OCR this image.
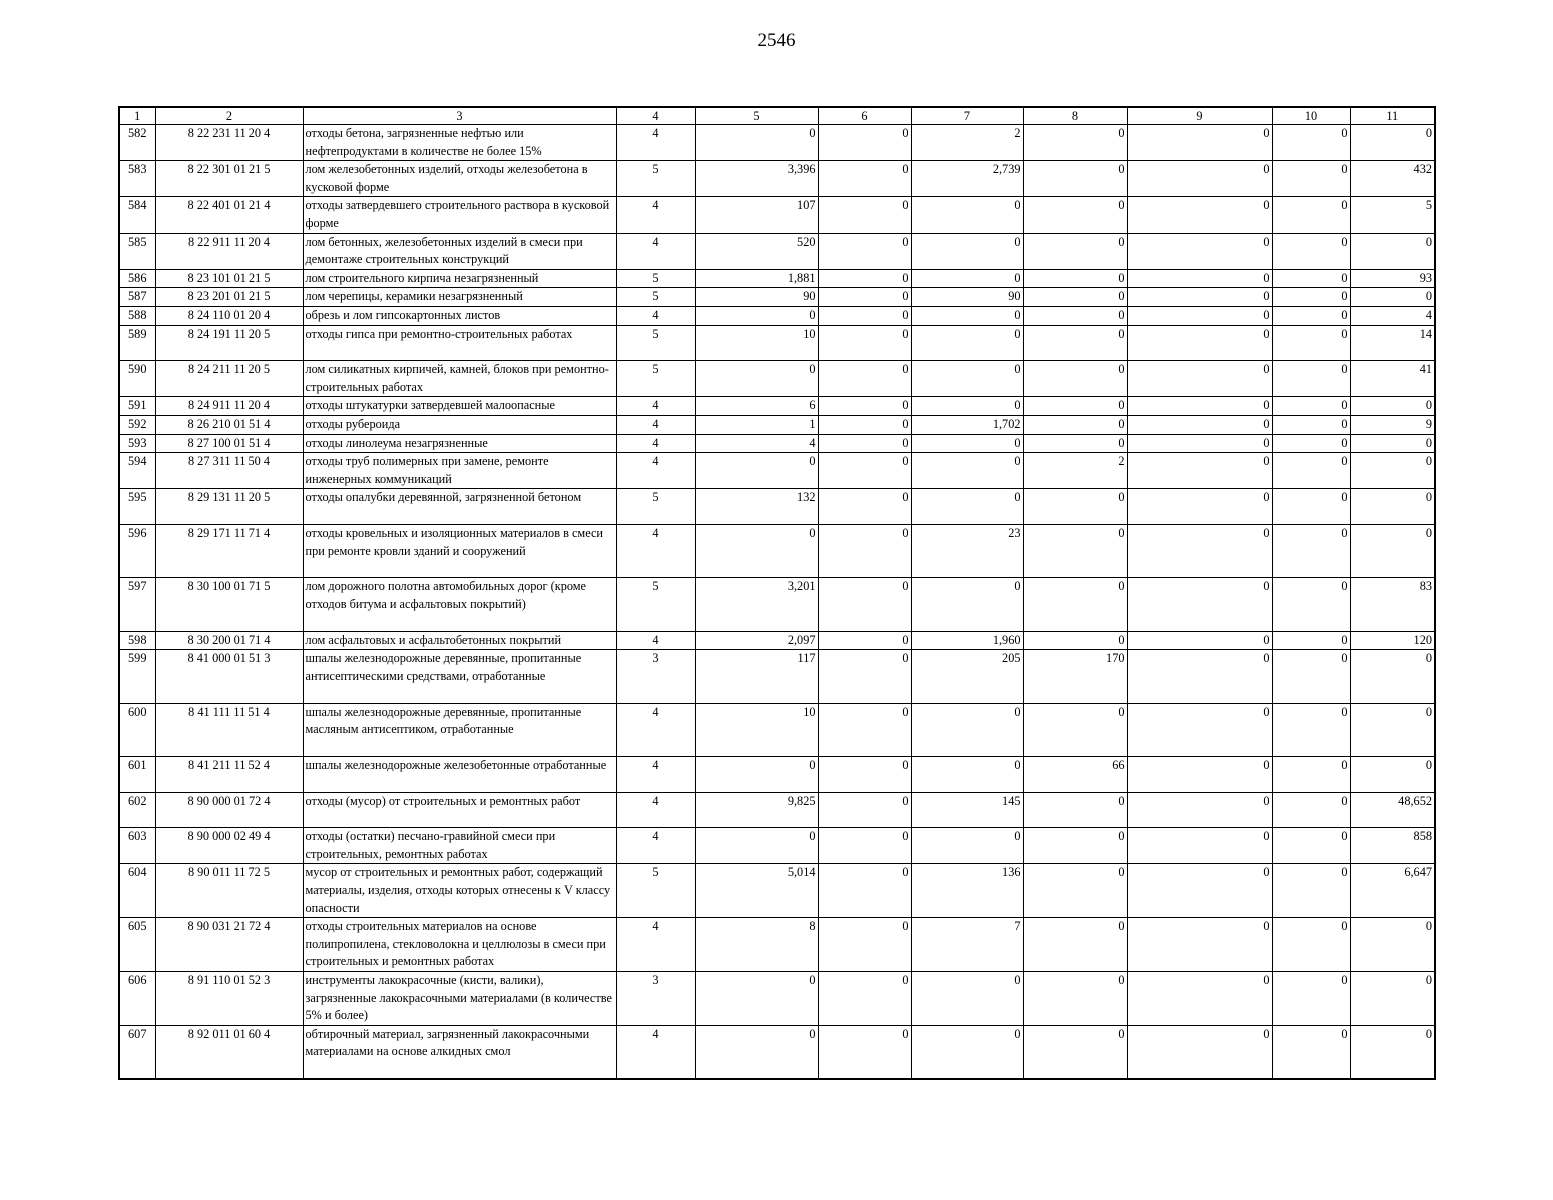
2546
1	2	3	4	5	6	7	8	9	10	11
582	8 22 231 11 20 4	отходы бетона, загрязненные нефтью или нефтепродуктами в количестве не более 15%	4	0	0	2	0	0	0	0
583	8 22 301 01 21 5	лом железобетонных изделий, отходы железобетона в кусковой форме	5	3,396	0	2,739	0	0	0	432
584	8 22 401 01 21 4	отходы затвердевшего строительного раствора в кусковой форме	4	107	0	0	0	0	0	5
585	8 22 911 11 20 4	лом бетонных, железобетонных изделий в смеси при демонтаже строительных конструкций	4	520	0	0	0	0	0	0
586	8 23 101 01 21 5	лом строительного кирпича незагрязненный	5	1,881	0	0	0	0	0	93
587	8 23 201 01 21 5	лом черепицы, керамики незагрязненный	5	90	0	90	0	0	0	0
588	8 24 110 01 20 4	обрезь и лом гипсокартонных листов	4	0	0	0	0	0	0	4
589	8 24 191 11 20 5	отходы гипса при ремонтно-строительных работах	5	10	0	0	0	0	0	14
590	8 24 211 11 20 5	лом силикатных кирпичей, камней, блоков при ремонтно-строительных работах	5	0	0	0	0	0	0	41
591	8 24 911 11 20 4	отходы штукатурки затвердевшей малоопасные	4	6	0	0	0	0	0	0
592	8 26 210 01 51 4	отходы рубероида	4	1	0	1,702	0	0	0	9
593	8 27 100 01 51 4	отходы линолеума незагрязненные	4	4	0	0	0	0	0	0
594	8 27 311 11 50 4	отходы труб полимерных при замене, ремонте инженерных коммуникаций	4	0	0	0	2	0	0	0
595	8 29 131 11 20 5	отходы опалубки деревянной, загрязненной бетоном	5	132	0	0	0	0	0	0
596	8 29 171 11 71 4	отходы кровельных и изоляционных материалов в смеси при ремонте кровли зданий и сооружений	4	0	0	23	0	0	0	0
597	8 30 100 01 71 5	лом дорожного полотна автомобильных дорог (кроме отходов битума и асфальтовых покрытий)	5	3,201	0	0	0	0	0	83
598	8 30 200 01 71 4	лом асфальтовых и асфальтобетонных покрытий	4	2,097	0	1,960	0	0	0	120
599	8 41 000 01 51 3	шпалы железнодорожные деревянные, пропитанные антисептическими средствами, отработанные	3	117	0	205	170	0	0	0
600	8 41 111 11 51 4	шпалы железнодорожные деревянные, пропитанные масляным антисептиком, отработанные	4	10	0	0	0	0	0	0
601	8 41 211 11 52 4	шпалы железнодорожные железобетонные отработанные	4	0	0	0	66	0	0	0
602	8 90 000 01 72 4	отходы (мусор) от строительных и ремонтных работ	4	9,825	0	145	0	0	0	48,652
603	8 90 000 02 49 4	отходы (остатки) песчано-гравийной смеси при строительных, ремонтных работах	4	0	0	0	0	0	0	858
604	8 90 011 11 72 5	мусор от строительных и ремонтных работ, содержащий материалы, изделия, отходы которых отнесены к V классу опасности	5	5,014	0	136	0	0	0	6,647
605	8 90 031 21 72 4	отходы строительных материалов на основе полипропилена, стекловолокна и целлюлозы в смеси при строительных и ремонтных работах	4	8	0	7	0	0	0	0
606	8 91 110 01 52 3	инструменты лакокрасочные (кисти, валики), загрязненные лакокрасочными материалами (в количестве 5% и более)	3	0	0	0	0	0	0	0
607	8 92 011 01 60 4	обтирочный материал, загрязненный лакокрасочными материалами на основе алкидных смол	4	0	0	0	0	0	0	0
